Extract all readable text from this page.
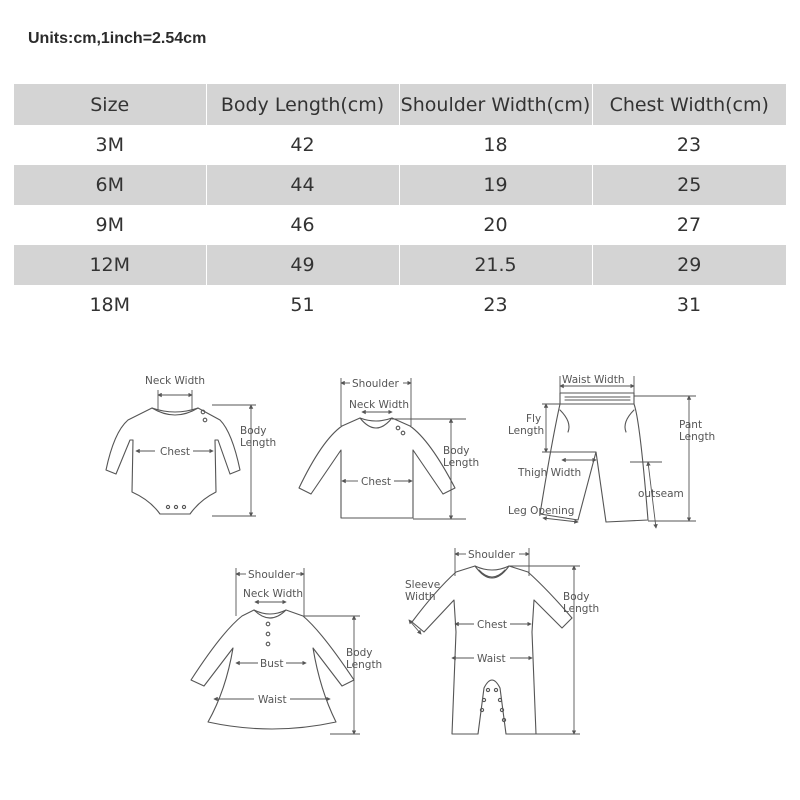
Units:cm,1inch=2.54cm
Size	Body Length(cm)	Shoulder Width(cm)	Chest Width(cm)
3M	42	18	23
6M	44	19	25
9M	46	20	27
12M	49	21.5	29
18M	51	23	31
Neck Width
Chest
Body
Length
Shoulder
Neck Width
Chest
Body
Length
Waist Width
Fly
Length
Thigh Width
Leg Opening
outseam
Pant
Length
Shoulder
Neck Width
Bust
Waist
Body
Length
Shoulder
Sleeve
Width
Chest
Waist
Body
Length
